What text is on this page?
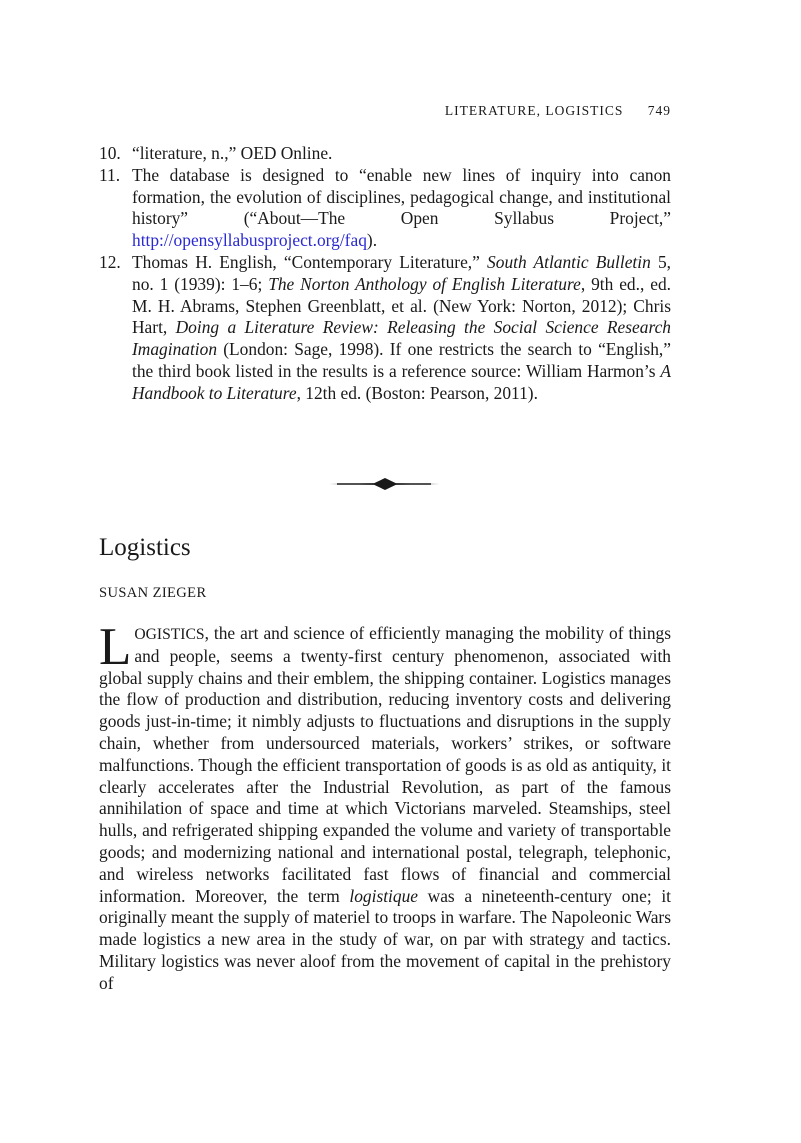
LITERATURE, LOGISTICS 749
10. “literature, n.,” OED Online.
11. The database is designed to “enable new lines of inquiry into canon formation, the evolution of disciplines, pedagogical change, and institutional history” (“About—The Open Syllabus Project,” http://opensyllabusproject.org/faq).
12. Thomas H. English, “Contemporary Literature,” South Atlantic Bulletin 5, no. 1 (1939): 1–6; The Norton Anthology of English Literature, 9th ed., ed. M. H. Abrams, Stephen Greenblatt, et al. (New York: Norton, 2012); Chris Hart, Doing a Literature Review: Releasing the Social Science Research Imagination (London: Sage, 1998). If one restricts the search to “English,” the third book listed in the results is a reference source: William Harmon’s A Handbook to Literature, 12th ed. (Boston: Pearson, 2011).
Logistics
SUSAN ZIEGER

LOGISTICS, the art and science of efficiently managing the mobility of things and people, seems a twenty-first century phenomenon, associated with global supply chains and their emblem, the shipping container. Logistics manages the flow of production and distribution, reducing inventory costs and delivering goods just-in-time; it nimbly adjusts to fluctuations and disruptions in the supply chain, whether from undersourced materials, workers’ strikes, or software malfunctions. Though the efficient transportation of goods is as old as antiquity, it clearly accelerates after the Industrial Revolution, as part of the famous annihilation of space and time at which Victorians marveled. Steamships, steel hulls, and refrigerated shipping expanded the volume and variety of transportable goods; and modernizing national and international postal, telegraph, telephonic, and wireless networks facilitated fast flows of financial and commercial information. Moreover, the term logistique was a nineteenth-century one; it originally meant the supply of materiel to troops in warfare. The Napoleonic Wars made logistics a new area in the study of war, on par with strategy and tactics. Military logistics was never aloof from the movement of capital in the prehistory of
